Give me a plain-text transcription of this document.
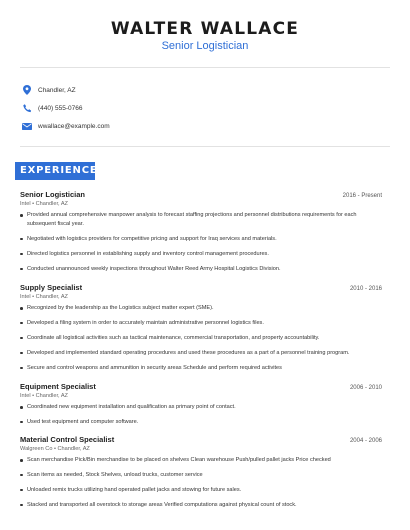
WALTER WALLACE
Senior Logistician
Chandler, AZ
(440) 555-0766
wwallace@example.com
EXPERIENCE
Senior Logistician	2016 - Present
Intel • Chandler, AZ
Provided annual comprehensive manpower analysis to forecast staffing projections and personnel distributions requirements for each subsequent fiscal year.
Negotiated with logistics providers for competitive pricing and support for Iraq services and materials.
Directed logistics personnel in establishing supply and inventory control management procedures.
Conducted unannounced weekly inspections throughout Walter Reed Army Hospital Logistics Division.
Supply Specialist	2010 - 2016
Intel • Chandler, AZ
Recognized by the leadership as the Logistics subject matter expert (SME).
Developed a filing system in order to accurately maintain administrative personnel logistics files.
Coordinate all logistical activities such as tactical maintenance, commercial transportation, and property accountability.
Developed and implemented standard operating procedures and used these procedures as a part of a personnel training program.
Secure and control weapons and ammunition in security areas Schedule and perform required activites
Equipment Specialist	2006 - 2010
Intel • Chandler, AZ
Coordinated new equipment installation and qualification as primary point of contact.
Used test equipment and computer software.
Material Control Specialist	2004 - 2006
Walgreen Co • Chandler, AZ
Scan merchandise Pick/Bin merchandise to be placed on shelves Clean warehouse Push/pulled pallet jacks Price checked
Scan items as needed, Stock Shelves, unload trucks, customer service
Unloaded remix trucks utilizing hand operated pallet jacks and stowing for future sales.
Stacked and transported all overstock to storage areas Verified computations against physical count of stock.
